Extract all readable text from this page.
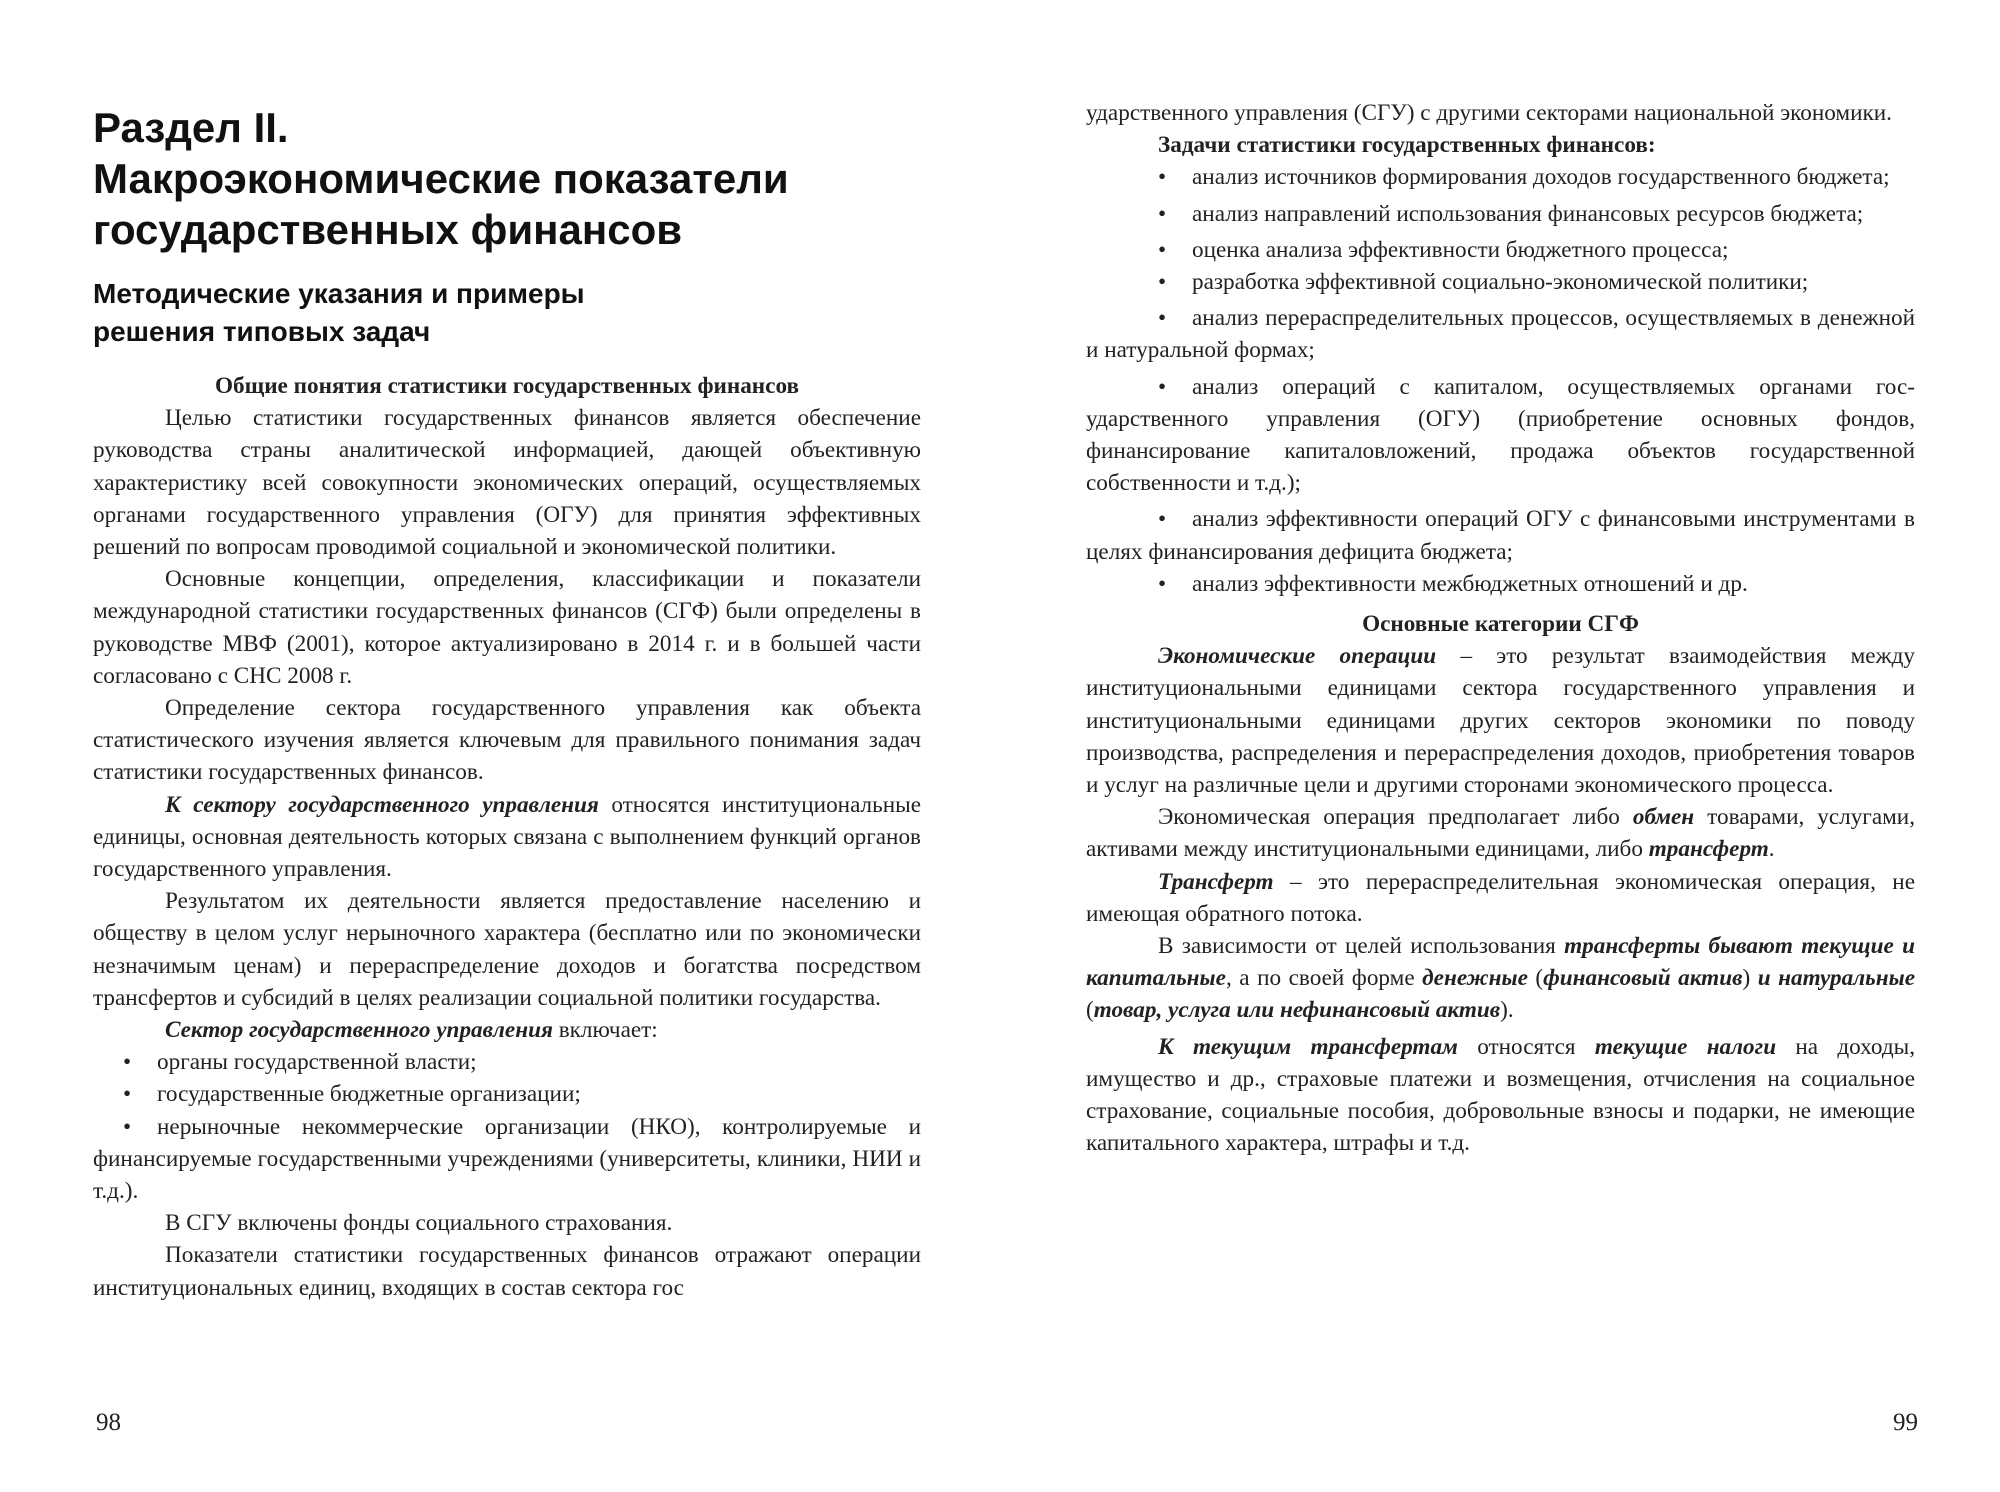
Раздел II.
Макроэкономические показатели
государственных финансов
Методические указания и примеры
решения типовых задач

Общие понятия статистики государственных финансов

Целью статистики государственных финансов является обеспечение руководства страны аналитической информацией, дающей объективную характеристику всей совокупности экономических операций, осуществляемых органами государственного управления (ОГУ) для принятия эффективных решений по вопросам проводимой социальной и экономической политики.

Основные концепции, определения, классификации и показатели международной статистики государственных финансов (СГФ) были определены в руководстве МВФ (2001), которое актуализировано в 2014 г. и в большей части согласовано с СНС 2008 г.

Определение сектора государственного управления как объекта статистического изучения является ключевым для правильного понимания задач статистики государственных финансов.

К сектору государственного управления относятся институциональные единицы, основная деятельность которых связана с выполнением функций органов государственного управления.

Результатом их деятельности является предоставление населению и обществу в целом услуг нерыночного характера (бесплатно или по экономически незначимым ценам) и перераспределение доходов и богатства посредством трансфертов и субсидий в целях реализации социальной политики государства.

Сектор государственного управления включает:

• органы государственной власти;

• государственные бюджетные организации;

• нерыночные некоммерческие организации (НКО), контролируемые и финансируемые государственными учреждениями (университеты, клиники, НИИ и т.д.).

В СГУ включены фонды социального страхования.

Показатели статистики государственных финансов отражают операции институциональных единиц, входящих в состав сектора гос

98

ударственного управления (СГУ) с другими секторами национальной экономики.

Задачи статистики государственных финансов:

• анализ источников формирования доходов государственного бюджета;

• анализ направлений использования финансовых ресурсов бюджета;

• оценка анализа эффективности бюджетного процесса;

• разработка эффективной социально-экономической политики;

• анализ перераспределительных процессов, осуществляемых в денежной и натуральной формах;

• анализ операций с капиталом, осуществляемых органами государственного управления (ОГУ) (приобретение основных фондов, финансирование капиталовложений, продажа объектов государственной собственности и т.д.);

• анализ эффективности операций ОГУ с финансовыми инструментами в целях финансирования дефицита бюджета;

• анализ эффективности межбюджетных отношений и др.

Основные категории СГФ

Экономические операции – это результат взаимодействия между институциональными единицами сектора государственного управления и институциональными единицами других секторов экономики по поводу производства, распределения и перераспределения доходов, приобретения товаров и услуг на различные цели и другими сторонами экономического процесса.

Экономическая операция предполагает либо обмен товарами, услугами, активами между институциональными единицами, либо трансферт.

Трансферт – это перераспределительная экономическая операция, не имеющая обратного потока.

В зависимости от целей использования трансферты бывают текущие и капитальные, а по своей форме денежные (финансовый актив) и натуральные (товар, услуга или нефинансовый актив).

К текущим трансфертам относятся текущие налоги на доходы, имущество и др., страховые платежи и возмещения, отчисления на социальное страхование, социальные пособия, добровольные взносы и подарки, не имеющие капитального характера, штрафы и т.д.

99
